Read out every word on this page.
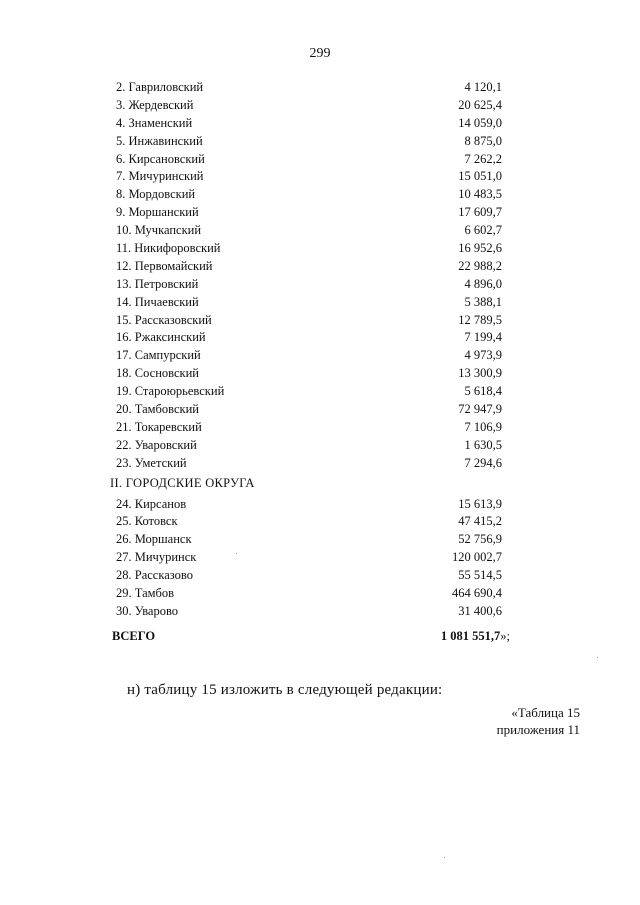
299
2. Гавриловский	4 120,1
3. Жердевский	20 625,4
4. Знаменский	14 059,0
5. Инжавинский	8 875,0
6. Кирсановский	7 262,2
7. Мичуринский	15 051,0
8. Мордовский	10 483,5
9. Моршанский	17 609,7
10. Мучкапский	6 602,7
11. Никифоровский	16 952,6
12. Первомайский	22 988,2
13. Петровский	4 896,0
14. Пичаевский	5 388,1
15. Рассказовский	12 789,5
16. Ржаксинский	7 199,4
17. Сампурский	4 973,9
18. Сосновский	13 300,9
19. Староюрьевский	5 618,4
20. Тамбовский	72 947,9
21. Токаревский	7 106,9
22. Уваровский	1 630,5
23. Уметский	7 294,6
II. ГОРОДСКИЕ ОКРУГА
24. Кирсанов	15 613,9
25. Котовск	47 415,2
26. Моршанск	52 756,9
27. Мичуринск	120 002,7
28. Рассказово	55 514,5
29. Тамбов	464 690,4
30. Уварово	31 400,6
ВСЕГО	1 081 551,7»;
н) таблицу 15 изложить в следующей редакции:
«Таблица 15
приложения 11
